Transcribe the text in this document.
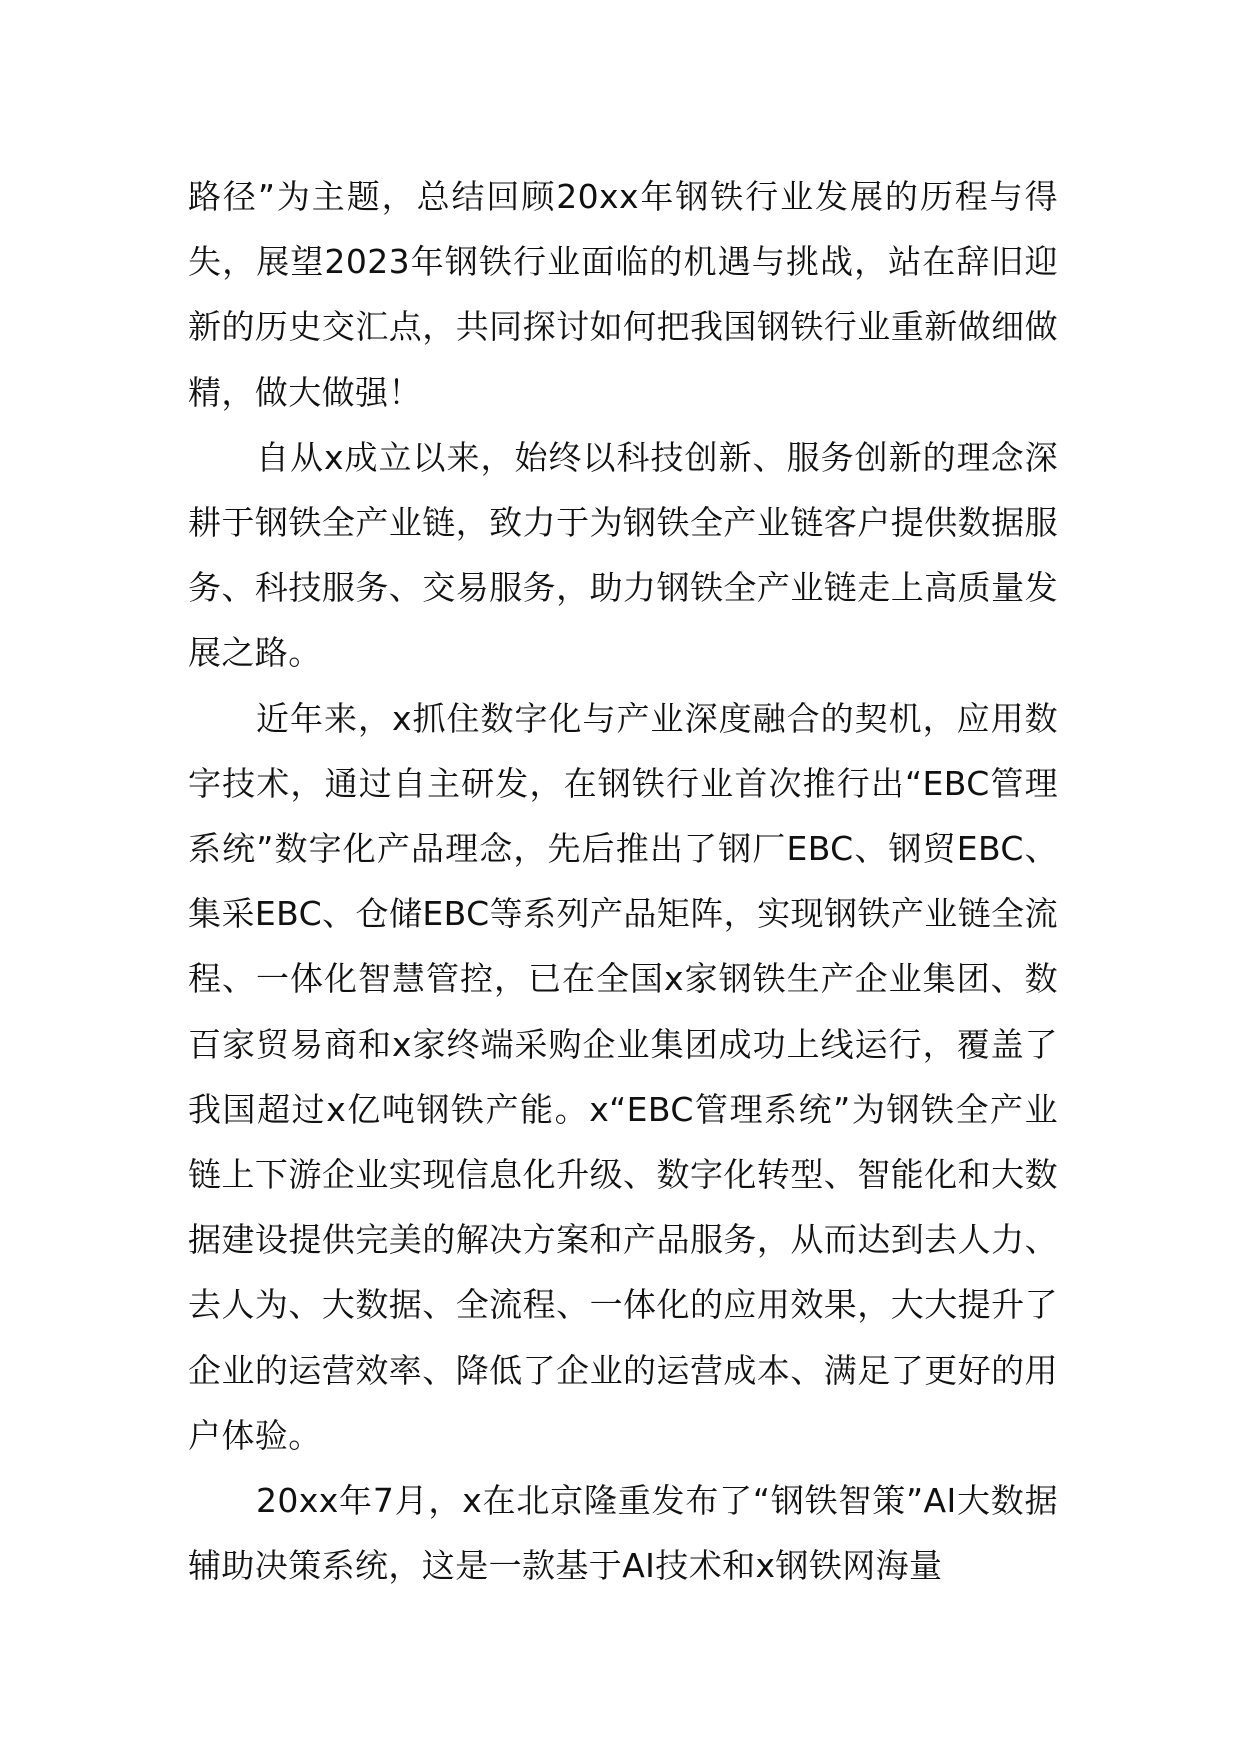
路径”为主题，总结回顾20xx年钢铁行业发展的历程与得失，展望2023年钢铁行业面临的机遇与挑战，站在辞旧迎新的历史交汇点，共同探讨如何把我国钢铁行业重新做细做精，做大做强！

自从x成立以来，始终以科技创新、服务创新的理念深耕于钢铁全产业链，致力于为钢铁全产业链客户提供数据服务、科技服务、交易服务，助力钢铁全产业链走上高质量发展之路。

近年来，x抓住数字化与产业深度融合的契机，应用数字技术，通过自主研发，在钢铁行业首次推行出“EBC管理系统”数字化产品理念，先后推出了钢厂EBC、钢贸EBC、集采EBC、仓储EBC等系列产品矩阵，实现钢铁产业链全流程、一体化智慧管控，已在全国x家钢铁生产企业集团、数百家贸易商和x家终端采购企业集团成功上线运行，覆盖了我国超过x亿吨钢铁产能。x“EBC管理系统”为钢铁全产业链上下游企业实现信息化升级、数字化转型、智能化和大数据建设提供完美的解决方案和产品服务，从而达到去人力、去人为、大数据、全流程、一体化的应用效果，大大提升了企业的运营效率、降低了企业的运营成本、满足了更好的用户体验。

20xx年7月，x在北京隆重发布了“钢铁智策”AI大数据辅助决策系统，这是一款基于AI技术和x钢铁网海量
